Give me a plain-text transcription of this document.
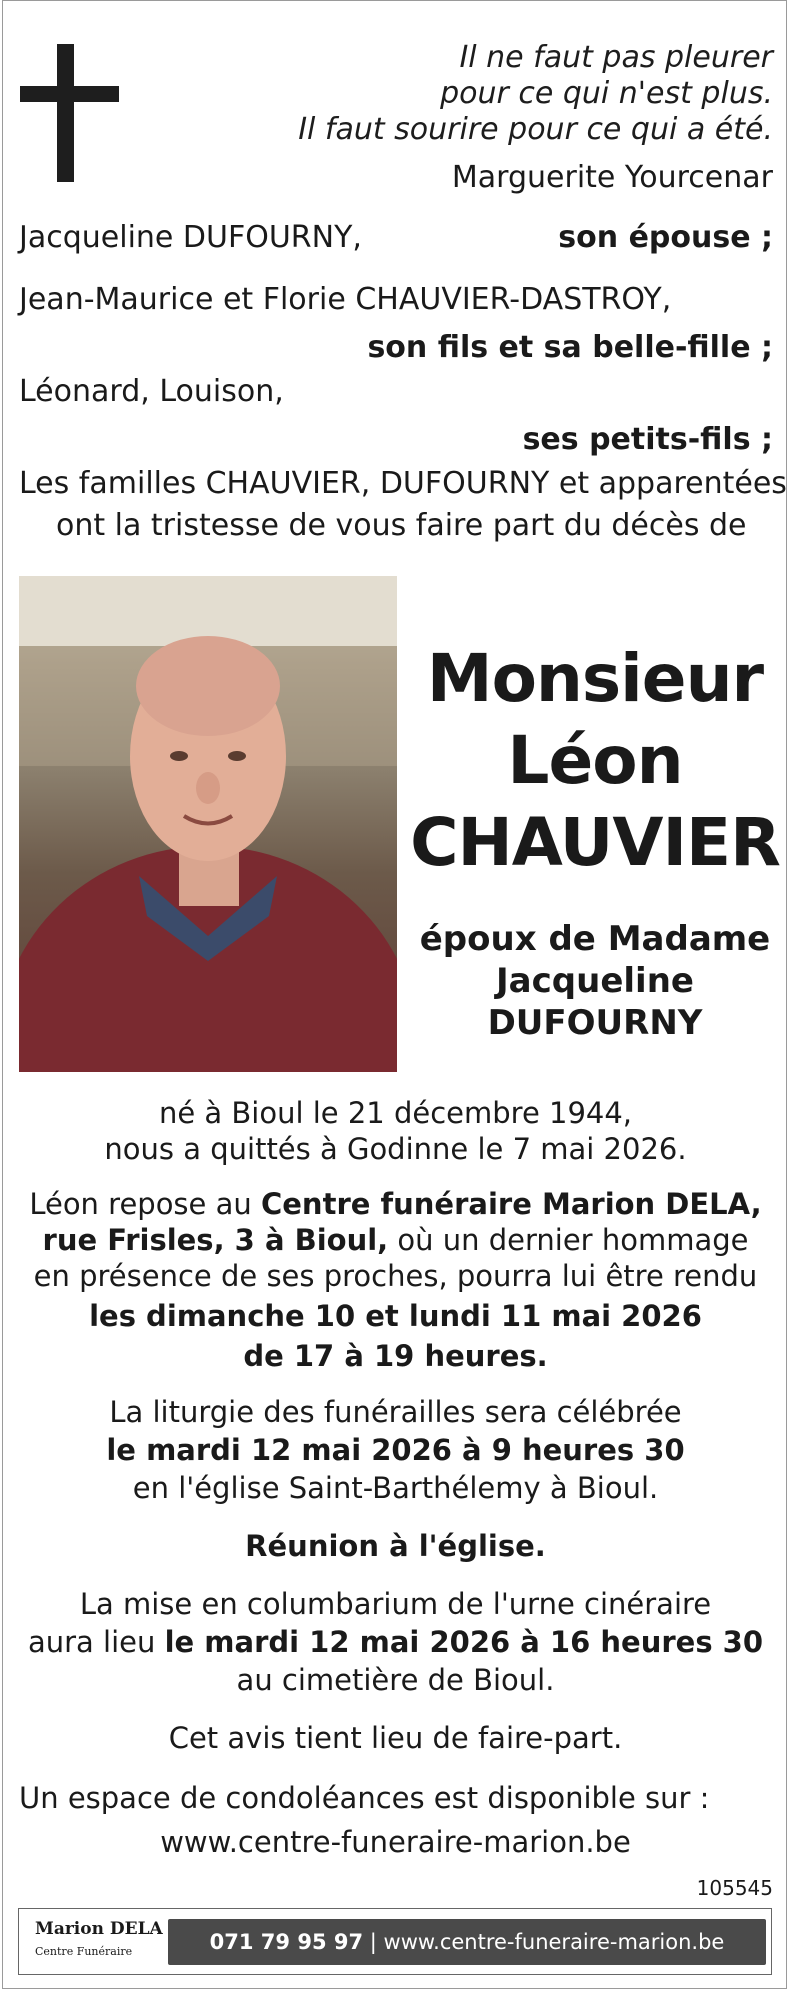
Il ne faut pas pleurer
pour ce qui n'est plus.
Il faut sourire pour ce qui a été.
Marguerite Yourcenar
Jacqueline DUFOURNY,	son épouse ;
Jean-Maurice et Florie CHAUVIER-DASTROY,
son fils et sa belle-fille ;
Léonard, Louison,
ses petits-fils ;
Les familles CHAUVIER, DUFOURNY et apparentées
ont la tristesse de vous faire part du décès de
Monsieur
Léon
CHAUVIER
époux de Madame
Jacqueline DUFOURNY
né à Bioul le 21 décembre 1944,
nous a quittés à Godinne le 7 mai 2026.
Léon repose au Centre funéraire Marion DELA,
rue Frisles, 3 à Bioul, où un dernier hommage
en présence de ses proches, pourra lui être rendu
les dimanche 10 et lundi 11 mai 2026
de 17 à 19 heures.
La liturgie des funérailles sera célébrée
le mardi 12 mai 2026 à 9 heures 30
en l'église Saint-Barthélemy à Bioul.
Réunion à l'église.
La mise en columbarium de l'urne cinéraire
aura lieu le mardi 12 mai 2026 à 16 heures 30
au cimetière de Bioul.
Cet avis tient lieu de faire-part.
Un espace de condoléances est disponible sur :
www.centre-funeraire-marion.be
105545
Marion DELA
Centre Funéraire	071 79 95 97 | www.centre-funeraire-marion.be
